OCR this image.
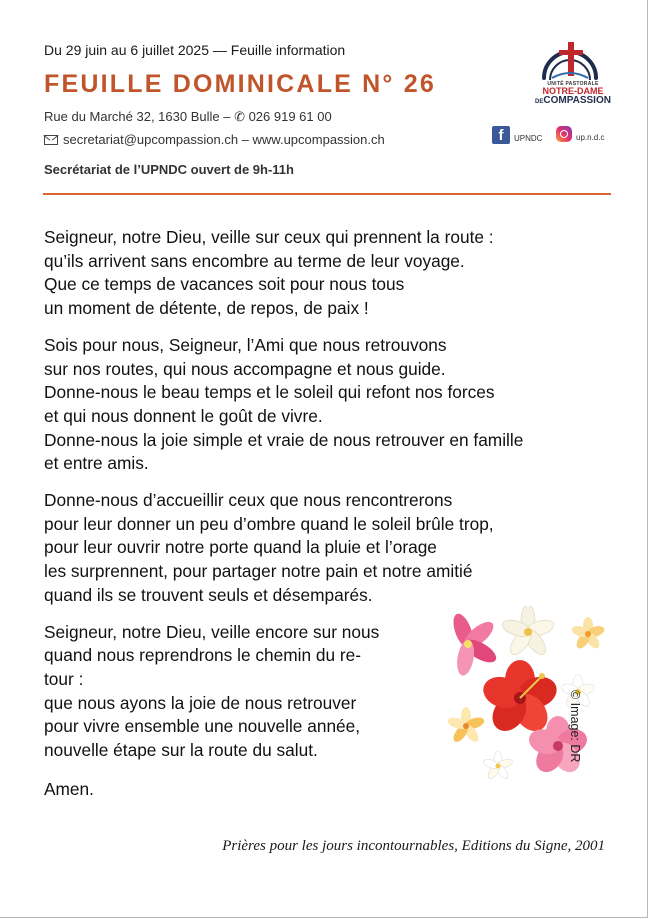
Du 29 juin au 6 juillet 2025 — Feuille information

FEUILLE DOMINICALE N° 26
Rue du Marché 32, 1630 Bulle – ✆ 026 919 61 00
secretariat@upcompassion.ch – www.upcompassion.ch
Secrétariat de l’UPNDC ouvert de 9h-11h
UNITÉ PASTORALE
NOTRE-DAME
DECOMPASSION
f	UPNDC	up.n.d.c
Seigneur, notre Dieu, veille sur ceux qui prennent la route :
qu’ils arrivent sans encombre au terme de leur voyage.
Que ce temps de vacances soit pour nous tous
un moment de détente, de repos, de paix !
Sois pour nous, Seigneur, l’Ami que nous retrouvons
sur nos routes, qui nous accompagne et nous guide.
Donne-nous le beau temps et le soleil qui refont nos forces
et qui nous donnent le goût de vivre.
Donne-nous la joie simple et vraie de nous retrouver en famille
et entre amis.
Donne-nous d’accueillir ceux que nous rencontrerons
pour leur donner un peu d’ombre quand le soleil brûle trop,
pour leur ouvrir notre porte quand la pluie et l’orage
les surprennent, pour partager notre pain et notre amitié
quand ils se trouvent seuls et désemparés.
Seigneur, notre Dieu, veille encore sur nous
quand nous reprendrons le chemin du re-
tour :
que nous ayons la joie de nous retrouver
pour vivre ensemble une nouvelle année,
nouvelle étape sur la route du salut.
Amen.
© Image: DR
Prières pour les jours incontournables, Editions du Signe, 2001
